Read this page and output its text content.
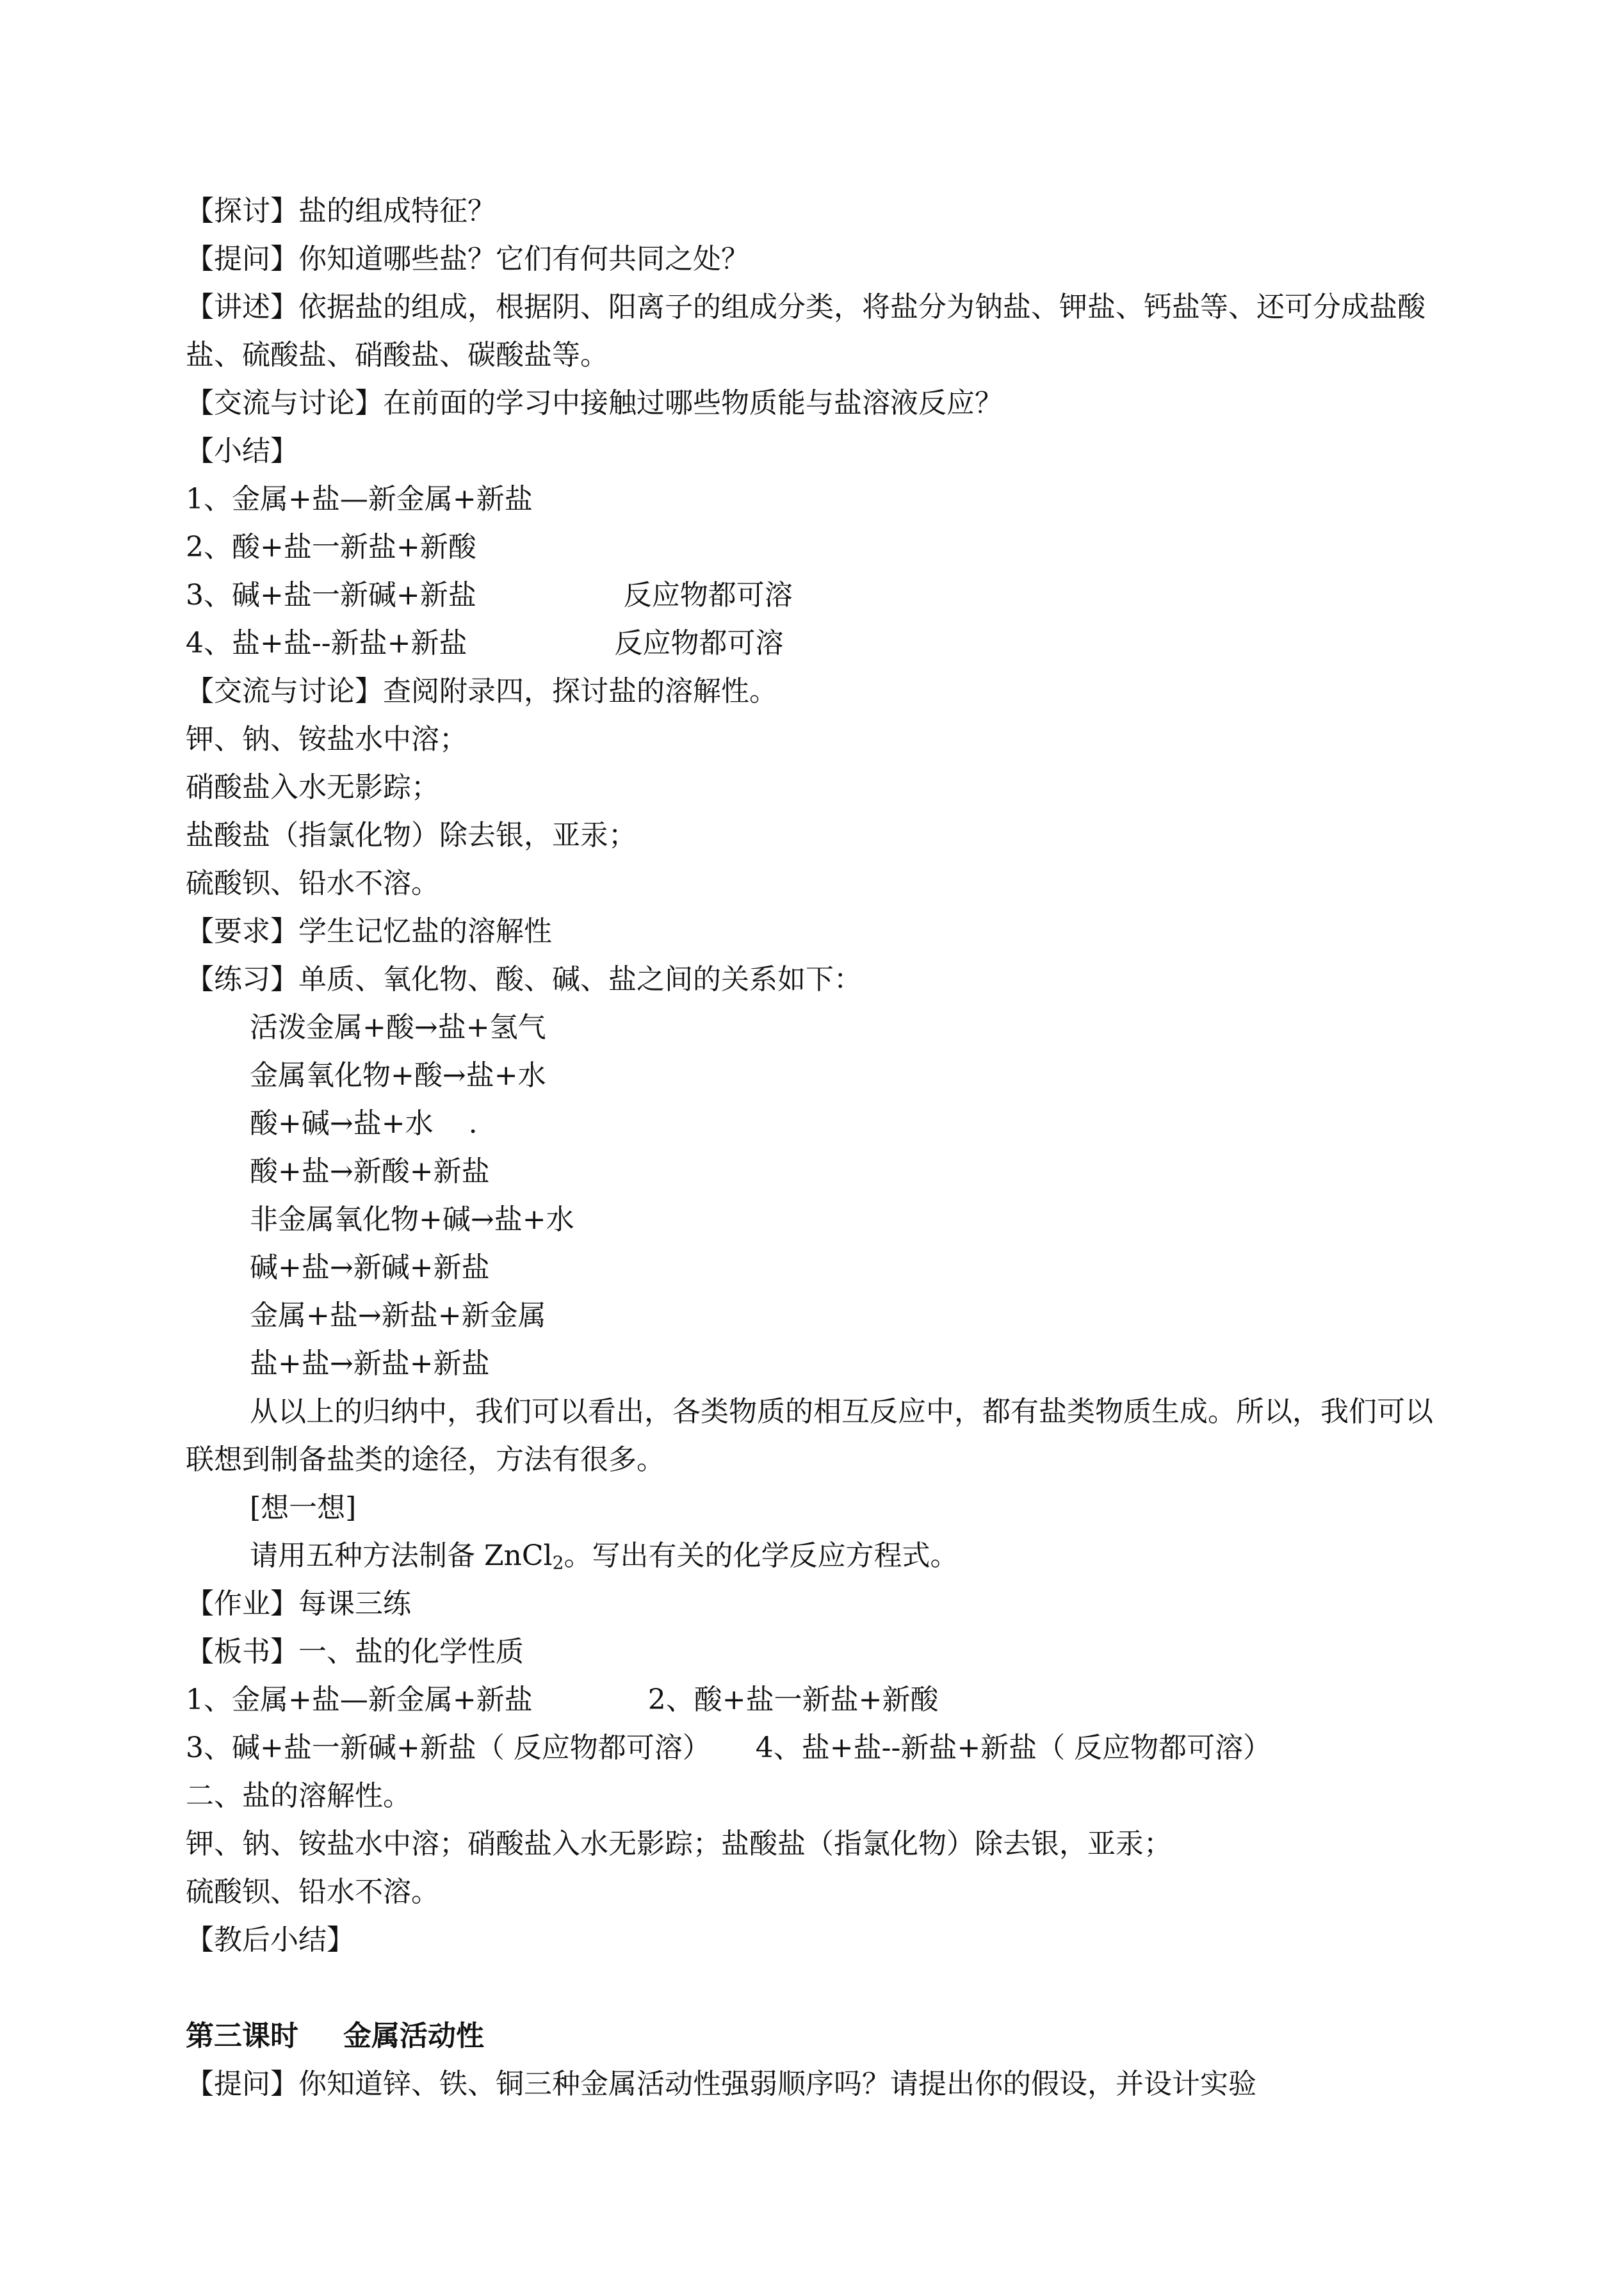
【探讨】盐的组成特征？
【提问】你知道哪些盐？它们有何共同之处？
【讲述】依据盐的组成，根据阴、阳离子的组成分类，将盐分为钠盐、钾盐、钙盐等、还可分成盐酸盐、硫酸盐、硝酸盐、碳酸盐等。
【交流与讨论】在前面的学习中接触过哪些物质能与盐溶液反应？
【小结】
1、金属+盐—新金属+新盐
2、酸+盐一新盐+新酸
3、碱+盐一新碱+新盐	反应物都可溶
4、盐+盐--新盐+新盐	反应物都可溶
【交流与讨论】查阅附录四，探讨盐的溶解性。
钾、钠、铵盐水中溶；
硝酸盐入水无影踪；
盐酸盐（指氯化物）除去银，亚汞；
硫酸钡、铅水不溶。
【要求】学生记忆盐的溶解性
【练习】单质、氧化物、酸、碱、盐之间的关系如下：
活泼金属+酸→盐+氢气
金属氧化物+酸→盐+水
酸+碱→盐+水 .
酸+盐→新酸+新盐
非金属氧化物+碱→盐+水
碱+盐→新碱+新盐
金属+盐→新盐+新金属
盐+盐→新盐+新盐
从以上的归纳中，我们可以看出，各类物质的相互反应中，都有盐类物质生成。所以，我们可以联想到制备盐类的途径，方法有很多。
[想一想]
请用五种方法制备 ZnCl$_2$。写出有关的化学反应方程式。
【作业】每课三练
【板书】一、盐的化学性质
1、金属+盐—新金属+新盐	2、酸+盐一新盐+新酸
3、碱+盐一新碱+新盐（ 反应物都可溶） 4、盐+盐--新盐+新盐（ 反应物都可溶）
二、盐的溶解性。
钾、钠、铵盐水中溶；硝酸盐入水无影踪；盐酸盐（指氯化物）除去银，亚汞；
硫酸钡、铅水不溶。
【教后小结】
第三课时 金属活动性
【提问】你知道锌、铁、铜三种金属活动性强弱顺序吗？请提出你的假设，并设计实验
